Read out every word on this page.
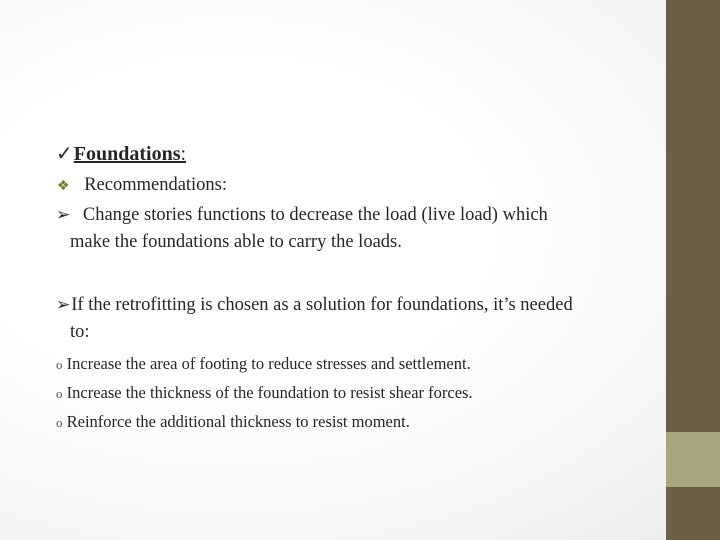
✓Foundations:
❖ Recommendations:
➢ Change stories functions to decrease the load (live load) which
make the foundations able to carry the loads.
➢If the retrofitting is chosen as a solution for foundations, it’s needed
to:
o Increase the area of footing to reduce stresses and settlement.
o Increase the thickness of the foundation to resist shear forces.
o Reinforce the additional thickness to resist moment.
